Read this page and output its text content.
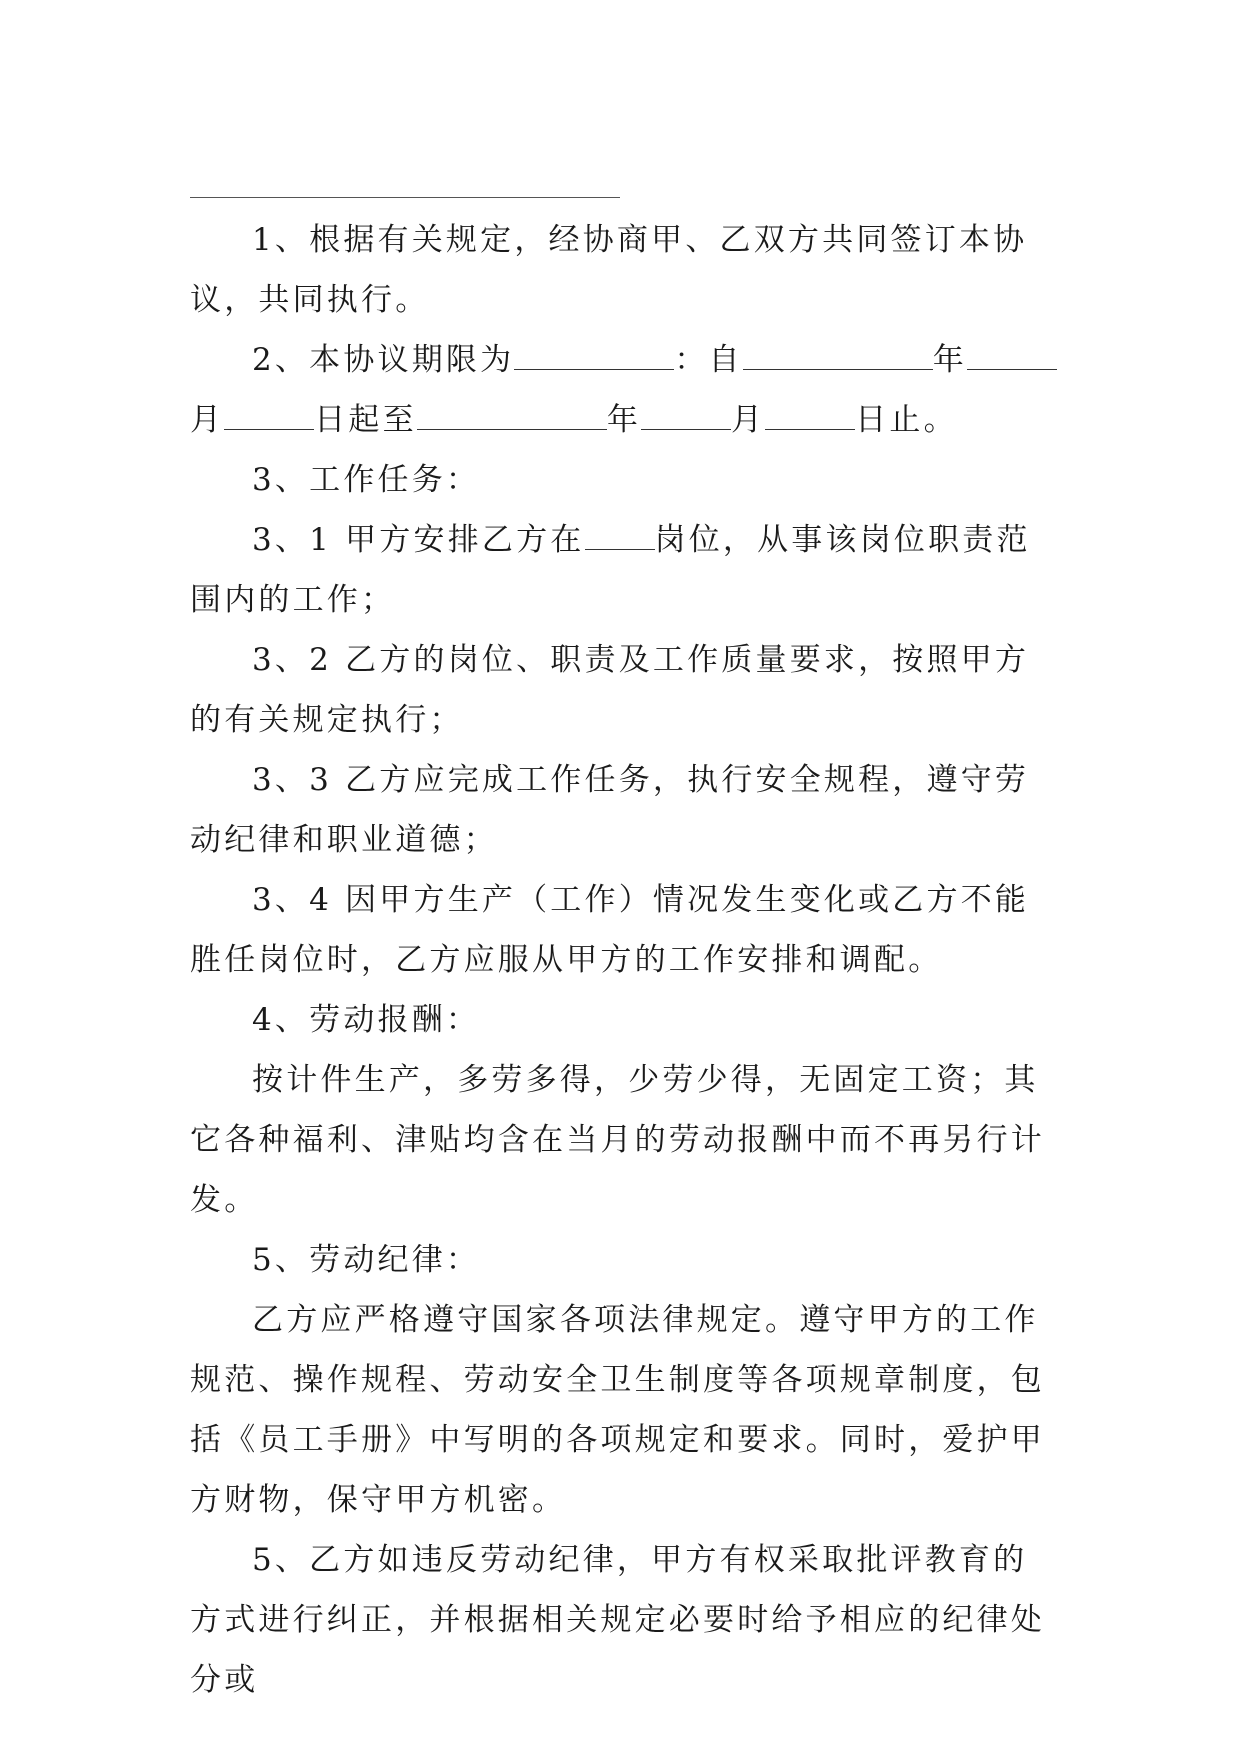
1、根据有关规定，经协商甲、乙双方共同签订本协议，共同执行。

2、本协议期限为	：自	年月	日起至	年	月	日止。

3、工作任务：

3、1 甲方安排乙方在 岗位，从事该岗位职责范围内的工作；

3、2 乙方的岗位、职责及工作质量要求，按照甲方的有关规定执行；

3、3 乙方应完成工作任务，执行安全规程，遵守劳动纪律和职业道德；

3、4 因甲方生产（工作）情况发生变化或乙方不能胜任岗位时，乙方应服从甲方的工作安排和调配。

4、劳动报酬：

按计件生产，多劳多得，少劳少得，无固定工资；其它各种福利、津贴均含在当月的劳动报酬中而不再另行计发。

5、劳动纪律：

乙方应严格遵守国家各项法律规定。遵守甲方的工作规范、操作规程、劳动安全卫生制度等各项规章制度，包括《员工手册》中写明的各项规定和要求。同时，爱护甲方财物，保守甲方机密。

5、乙方如违反劳动纪律，甲方有权采取批评教育的方式进行纠正，并根据相关规定必要时给予相应的纪律处分或
